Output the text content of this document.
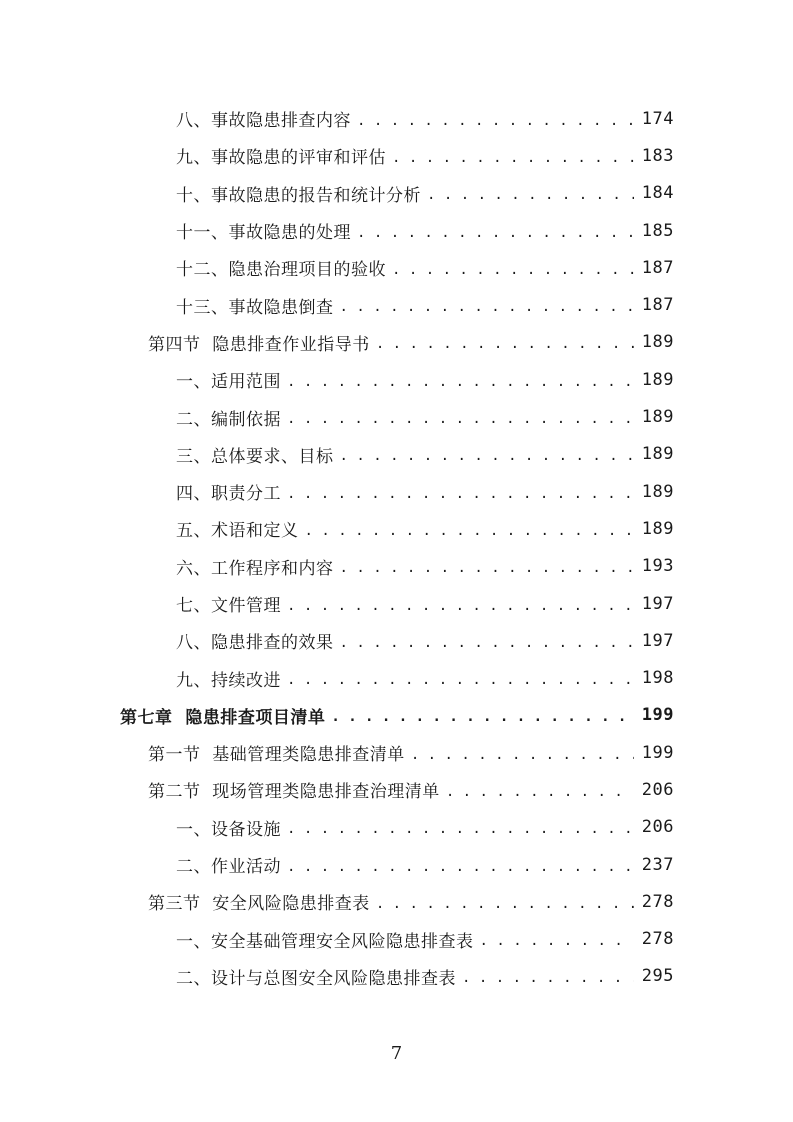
八、事故隐患排查内容 . . .	174
九、事故隐患的评审和评估 . . .	183
十、事故隐患的报告和统计分析 . . .	184
十一、事故隐患的处理 . . .	185
十二、隐患治理项目的验收 . . .	187
十三、事故隐患倒查 . . .	187
第四节  隐患排查作业指导书 . . .	189
一、适用范围 . . .	189
二、编制依据 . . .	189
三、总体要求、目标 . . .	189
四、职责分工 . . .	189
五、术语和定义 . . .	189
六、工作程序和内容 . . .	193
七、文件管理 . . .	197
八、隐患排查的效果 . . .	197
九、持续改进 . . .	198
第七章  隐患排查项目清单 . . .	199
第一节  基础管理类隐患排查清单 . . .	199
第二节  现场管理类隐患排查治理清单 . . .	206
一、设备设施 . . .	206
二、作业活动 . . .	237
第三节  安全风险隐患排查表 . . .	278
一、安全基础管理安全风险隐患排查表 . . .	278
二、设计与总图安全风险隐患排查表 . . .	295
7
